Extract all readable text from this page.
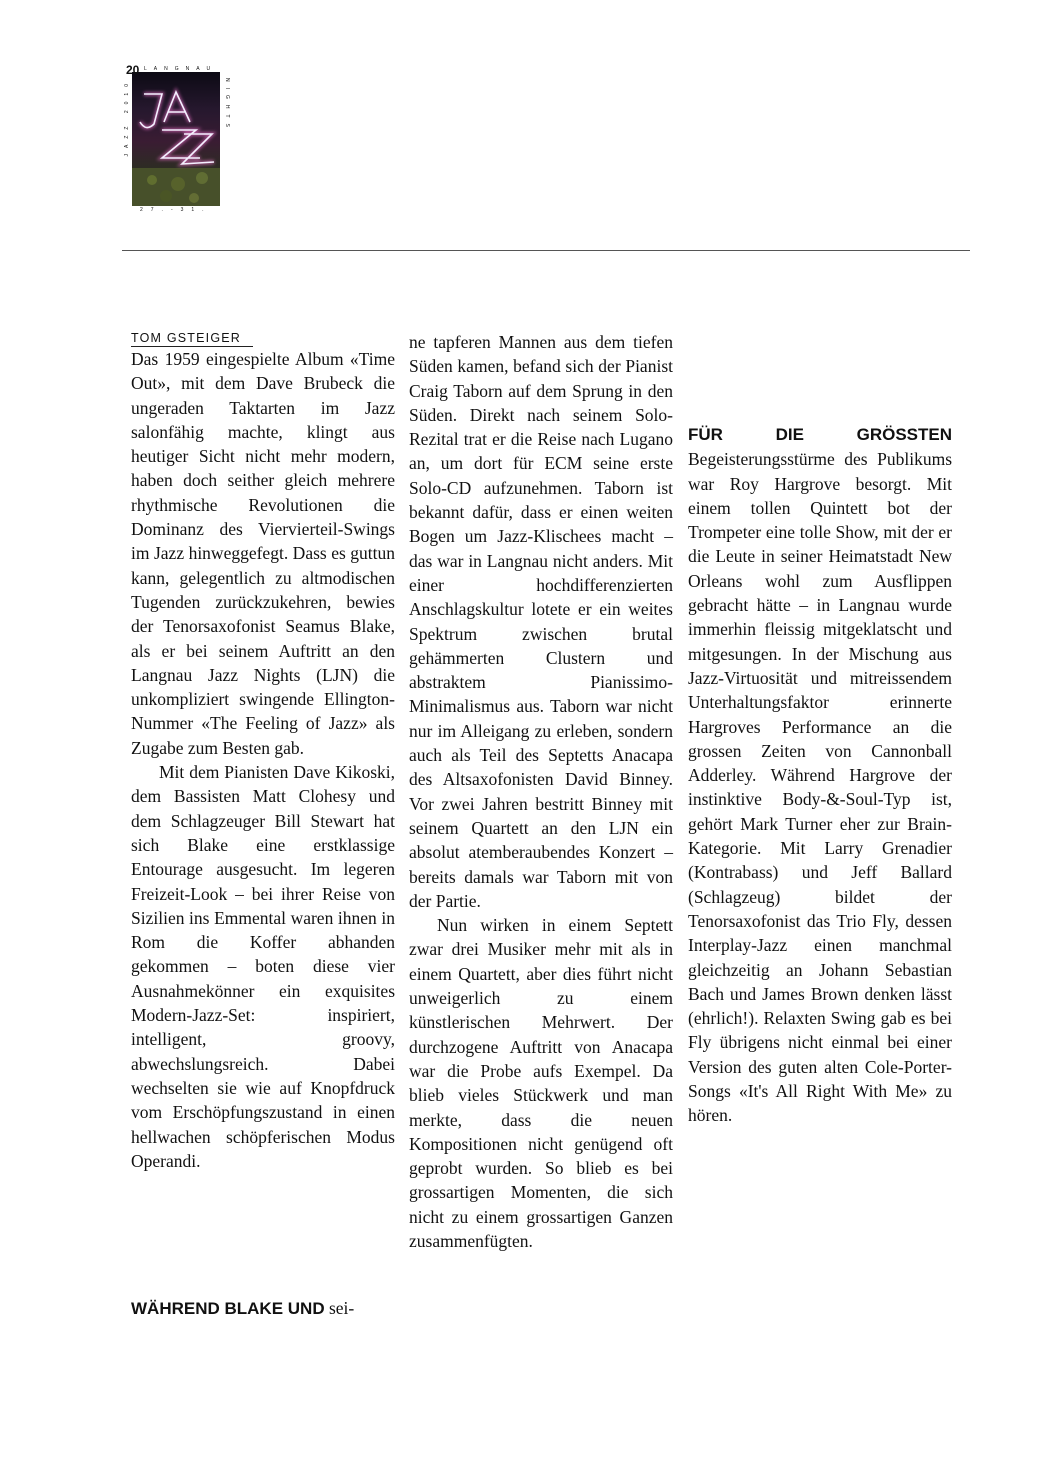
20 LANGNAU
JAZZ 2010	NIGHTS
27.-31.
TOM GSTEIGER

Das 1959 eingespielte Album «Time Out», mit dem Dave Brubeck die ungeraden Taktarten im Jazz salonfähig machte, klingt aus heutiger Sicht nicht mehr modern, haben doch seither gleich mehrere rhythmische Revolutionen die Dominanz des Viervierteil-Swings im Jazz hinweggefegt. Dass es guttun kann, gelegentlich zu altmodischen Tugenden zurückzukehren, bewies der Tenorsaxofonist Seamus Blake, als er bei seinem Auftritt an den Langnau Jazz Nights (LJN) die unkompliziert swingende Ellington-Nummer «The Feeling of Jazz» als Zugabe zum Besten gab.

Mit dem Pianisten Dave Kikoski, dem Bassisten Matt Clohesy und dem Schlagzeuger Bill Stewart hat sich Blake eine erstklassige Entourage ausgesucht. Im legeren Freizeit-Look – bei ihrer Reise von Sizilien ins Emmental waren ihnen in Rom die Koffer abhanden gekommen – boten diese vier Ausnahmekönner ein exquisites Modern-Jazz-Set: inspiriert, intelligent, groovy, abwechslungsreich. Dabei wechselten sie wie auf Knopfdruck vom Erschöpfungszustand in einen hellwachen schöpferischen Modus Operandi.

WÄHREND BLAKE UND sei-

ne tapferen Mannen aus dem tiefen Süden kamen, befand sich der Pianist Craig Taborn auf dem Sprung in den Süden. Direkt nach seinem Solo-Rezital trat er die Reise nach Lugano an, um dort für ECM seine erste Solo-CD aufzunehmen. Taborn ist bekannt dafür, dass er einen weiten Bogen um Jazz-Klischees macht – das war in Langnau nicht anders. Mit einer hochdifferenzierten Anschlagskultur lotete er ein weites Spektrum zwischen brutal gehämmerten Clustern und abstraktem Pianissimo-Minimalismus aus. Taborn war nicht nur im Alleigang zu erleben, sondern auch als Teil des Septetts Anacapa des Altsaxofonisten David Binney. Vor zwei Jahren bestritt Binney mit seinem Quartett an den LJN ein absolut atemberaubendes Konzert – bereits damals war Taborn mit von der Partie.

Nun wirken in einem Septett zwar drei Musiker mehr mit als in einem Quartett, aber dies führt nicht unweigerlich zu einem künstlerischen Mehrwert. Der durchzogene Auftritt von Anacapa war die Probe aufs Exempel. Da blieb vieles Stückwerk und man merkte, dass die neuen Kompositionen nicht genügend oft geprobt wurden. So blieb es bei grossartigen Momenten, die sich nicht zu einem grossartigen Ganzen zusammenfügten.

FÜR DIE GRÖSSTEN Begeisterungsstürme des Publikums war Roy Hargrove besorgt. Mit einem tollen Quintett bot der Trompeter eine tolle Show, mit der er die Leute in seiner Heimatstadt New Orleans wohl zum Ausflippen gebracht hätte – in Langnau wurde immerhin fleissig mitgeklatscht und mitgesungen. In der Mischung aus Jazz-Virtuosität und mitreissendem Unterhaltungsfaktor erinnerte Hargroves Performance an die grossen Zeiten von Cannonball Adderley. Während Hargrove der instinktive Body-&-Soul-Typ ist, gehört Mark Turner eher zur Brain-Kategorie. Mit Larry Grenadier (Kontrabass) und Jeff Ballard (Schlagzeug) bildet der Tenorsaxofonist das Trio Fly, dessen Interplay-Jazz einen manchmal gleichzeitig an Johann Sebastian Bach und James Brown denken lässt (ehrlich!). Relaxten Swing gab es bei Fly übrigens nicht einmal bei einer Version des guten alten Cole-Porter-Songs «It's All Right With Me» zu hören.
